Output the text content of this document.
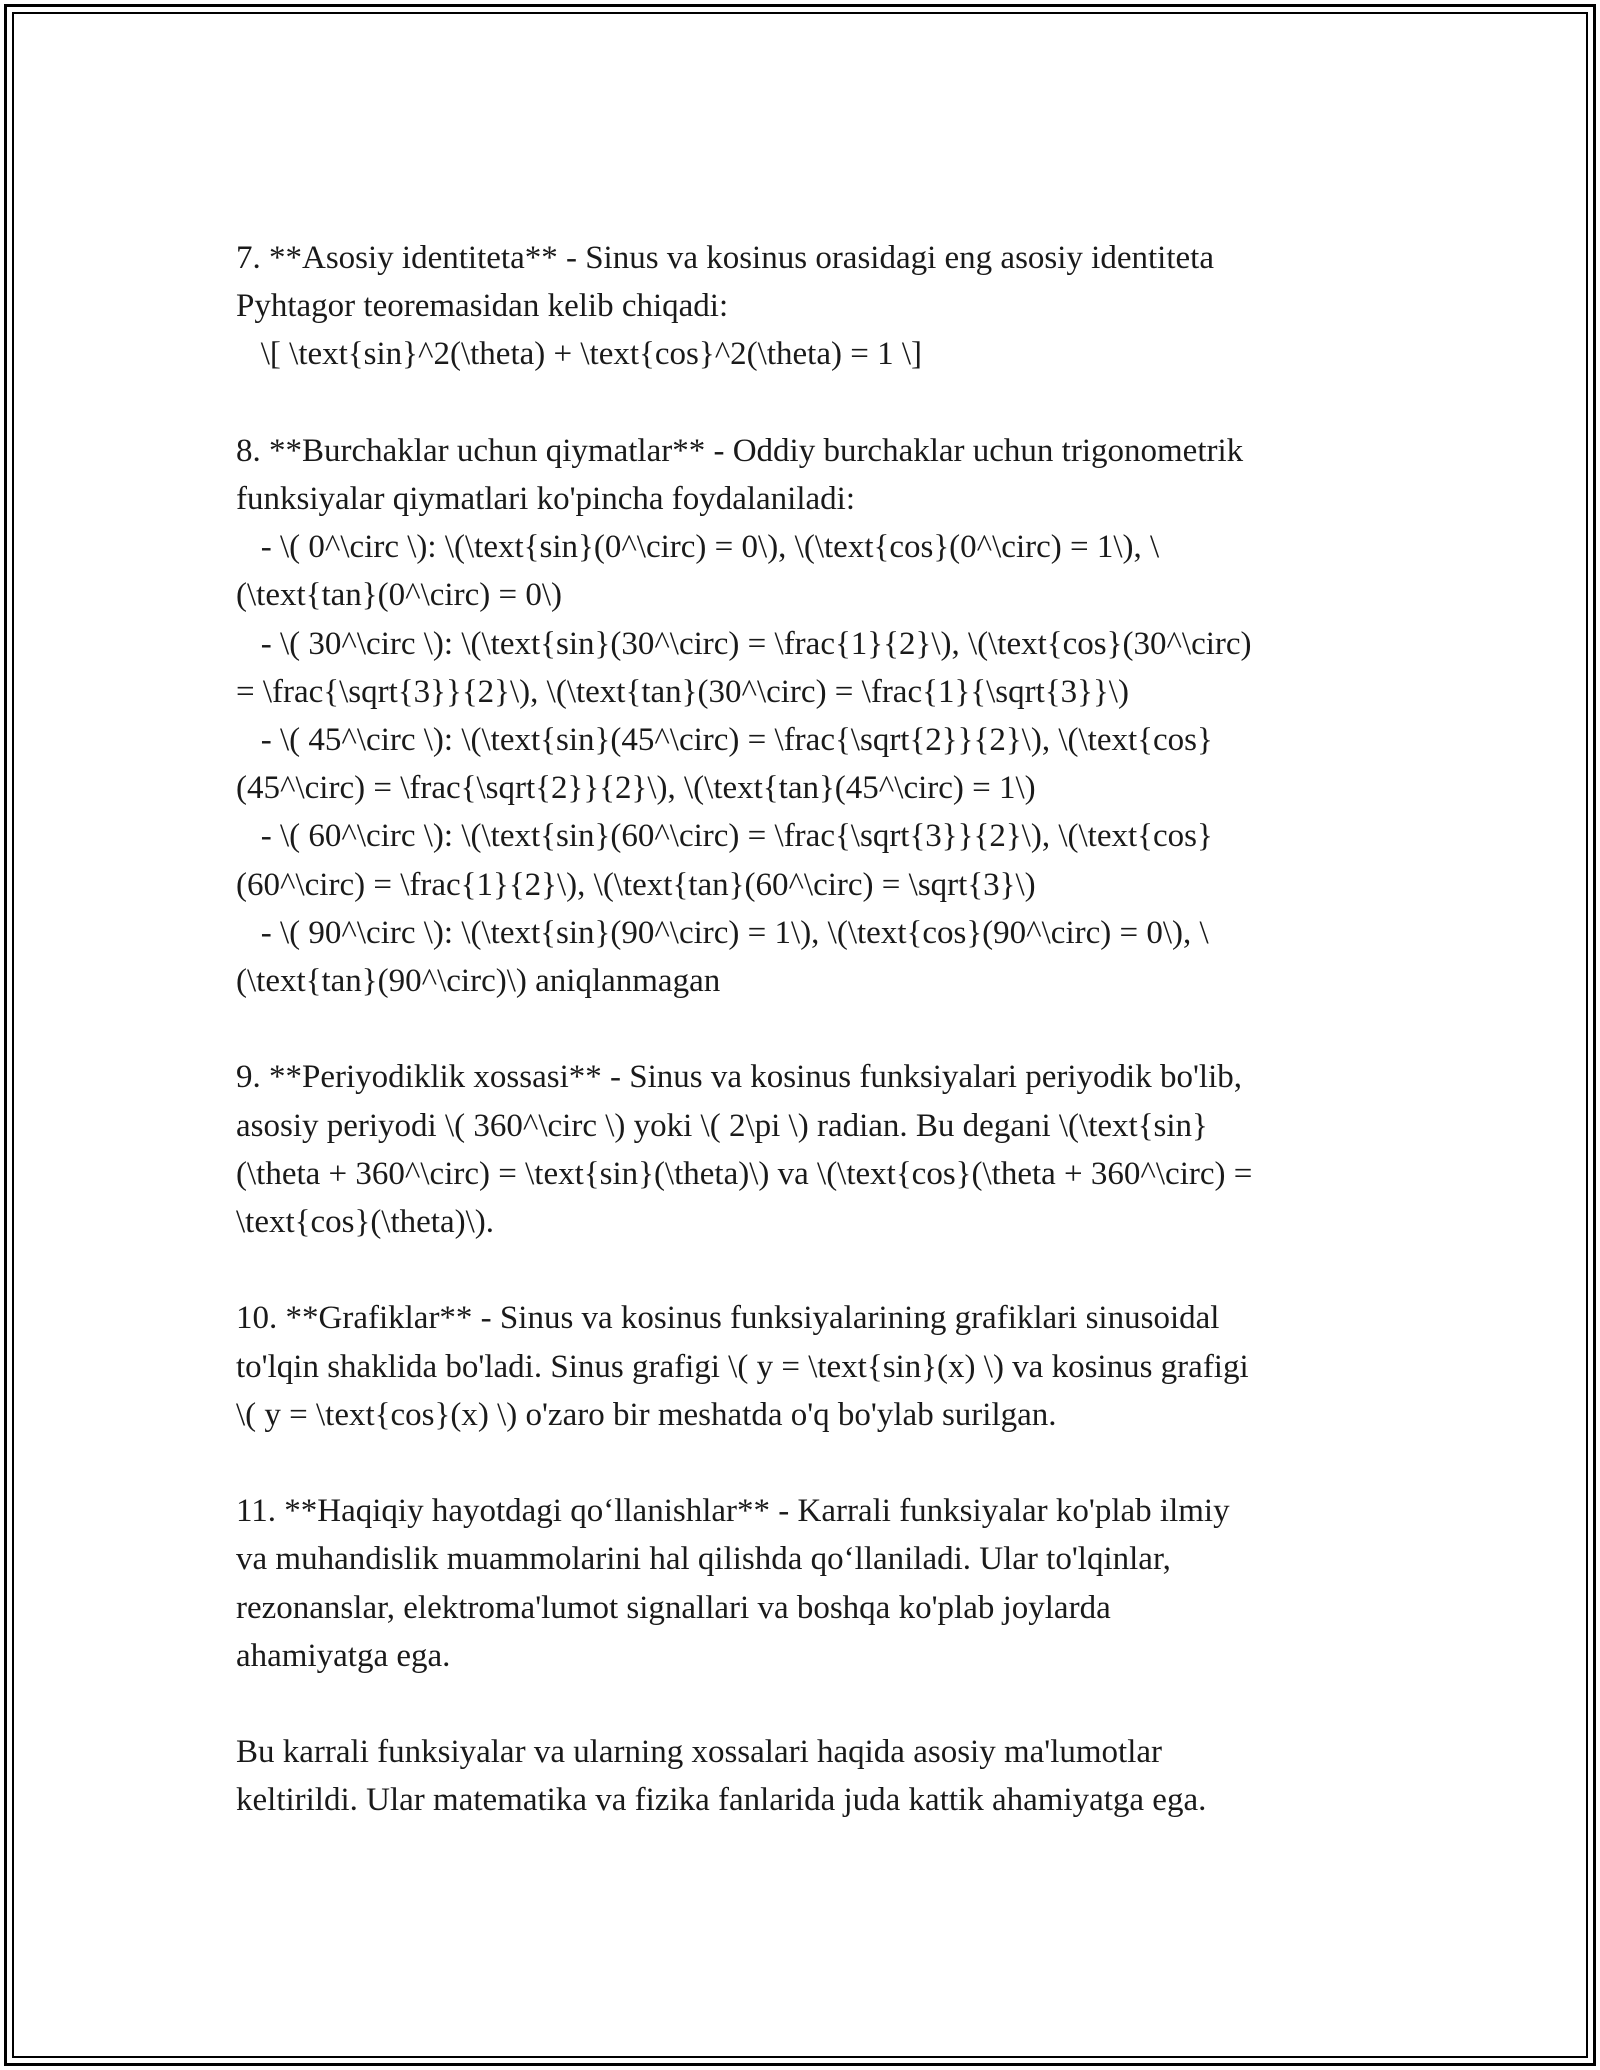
7. **Asosiy identiteta** - Sinus va kosinus orasidagi eng asosiy identiteta
Pyhtagor teoremasidan kelib chiqadi:
\[ \text{sin}^2(\theta) + \text{cos}^2(\theta) = 1 \]
8. **Burchaklar uchun qiymatlar** - Oddiy burchaklar uchun trigonometrik
funksiyalar qiymatlari ko'pincha foydalaniladi:
- \( 0^\circ \): \(\text{sin}(0^\circ) = 0\), \(\text{cos}(0^\circ) = 1\), \
(\text{tan}(0^\circ) = 0\)
- \( 30^\circ \): \(\text{sin}(30^\circ) = \frac{1}{2}\), \(\text{cos}(30^\circ)
= \frac{\sqrt{3}}{2}\), \(\text{tan}(30^\circ) = \frac{1}{\sqrt{3}}\)
- \( 45^\circ \): \(\text{sin}(45^\circ) = \frac{\sqrt{2}}{2}\), \(\text{cos}
(45^\circ) = \frac{\sqrt{2}}{2}\), \(\text{tan}(45^\circ) = 1\)
- \( 60^\circ \): \(\text{sin}(60^\circ) = \frac{\sqrt{3}}{2}\), \(\text{cos}
(60^\circ) = \frac{1}{2}\), \(\text{tan}(60^\circ) = \sqrt{3}\)
- \( 90^\circ \): \(\text{sin}(90^\circ) = 1\), \(\text{cos}(90^\circ) = 0\), \
(\text{tan}(90^\circ)\) aniqlanmagan
9. **Periyodiklik xossasi** - Sinus va kosinus funksiyalari periyodik bo'lib,
asosiy periyodi \( 360^\circ \) yoki \( 2\pi \) radian. Bu degani \(\text{sin}
(\theta + 360^\circ) = \text{sin}(\theta)\) va \(\text{cos}(\theta + 360^\circ) =
\text{cos}(\theta)\).
10. **Grafiklar** - Sinus va kosinus funksiyalarining grafiklari sinusoidal
to'lqin shaklida bo'ladi. Sinus grafigi \( y = \text{sin}(x) \) va kosinus grafigi
\( y = \text{cos}(x) \) o'zaro bir meshatda o'q bo'ylab surilgan.
11. **Haqiqiy hayotdagi qo‘llanishlar** - Karrali funksiyalar ko'plab ilmiy
va muhandislik muammolarini hal qilishda qo‘llaniladi. Ular to'lqinlar,
rezonanslar, elektroma'lumot signallari va boshqa ko'plab joylarda
ahamiyatga ega.
Bu karrali funksiyalar va ularning xossalari haqida asosiy ma'lumotlar
keltirildi. Ular matematika va fizika fanlarida juda kattik ahamiyatga ega.
